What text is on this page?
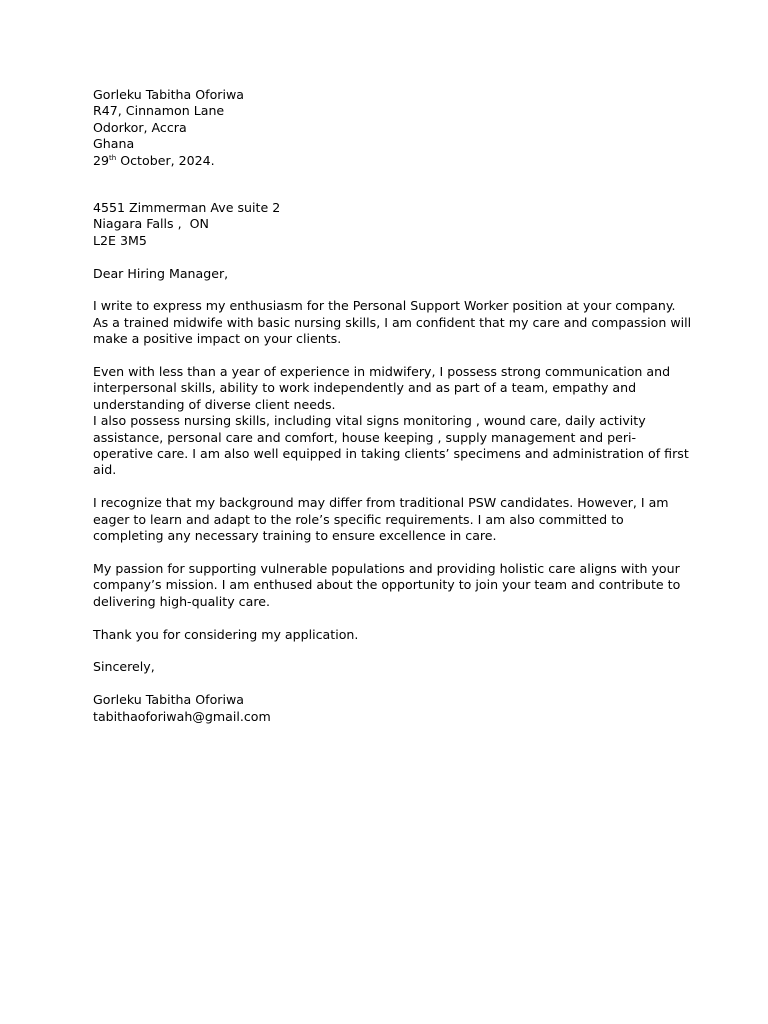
Gorleku Tabitha Oforiwa
R47, Cinnamon Lane
Odorkor, Accra
Ghana
29th October, 2024.
4551 Zimmerman Ave suite 2
Niagara Falls ,  ON
L2E 3M5

Dear Hiring Manager,

I write to express my enthusiasm for the Personal Support Worker position at your company. As a trained midwife with basic nursing skills, I am confident that my care and compassion will make a positive impact on your clients.

Even with less than a year of experience in midwifery, I possess strong communication and interpersonal skills, ability to work independently and as part of a team, empathy and understanding of diverse client needs.

I also possess nursing skills, including vital signs monitoring , wound care, daily activity assistance, personal care and comfort, house keeping , supply management and peri-operative care. I am also well equipped in taking clients’ specimens and administration of first aid.

I recognize that my background may differ from traditional PSW candidates. However, I am eager to learn and adapt to the role’s specific requirements. I am also committed to completing any necessary training to ensure excellence in care.

My passion for supporting vulnerable populations and providing holistic care aligns with your company’s mission. I am enthused about the opportunity to join your team and contribute to delivering high-quality care.

Thank you for considering my application.

Sincerely,

Gorleku Tabitha Oforiwa
tabithaoforiwah@gmail.com
